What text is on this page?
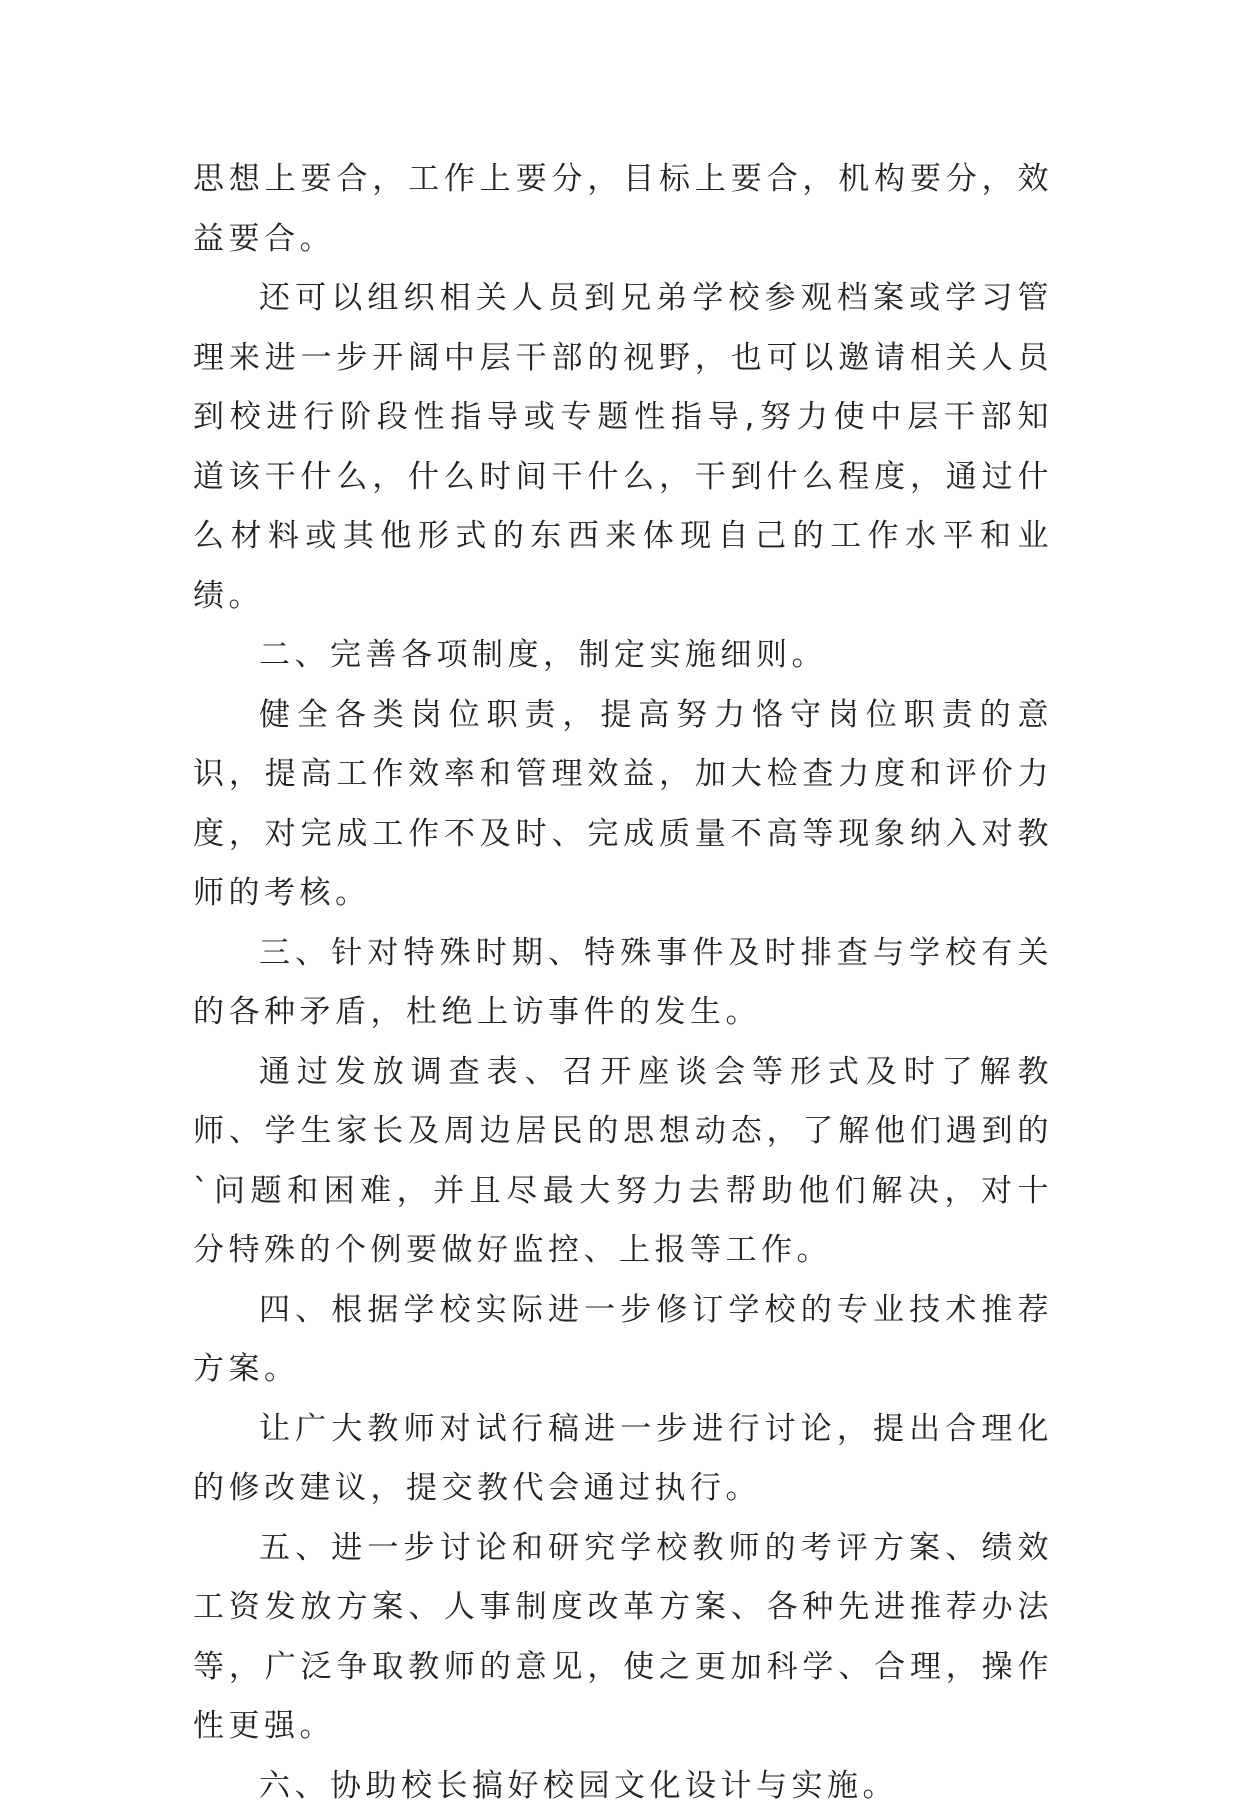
思想上要合，工作上要分，目标上要合，机构要分，效益要合。

还可以组织相关人员到兄弟学校参观档案或学习管理来进一步开阔中层干部的视野，也可以邀请相关人员到校进行阶段性指导或专题性指导,努力使中层干部知道该干什么，什么时间干什么，干到什么程度，通过什么材料或其他形式的东西来体现自己的工作水平和业绩。

二、完善各项制度，制定实施细则。

健全各类岗位职责，提高努力恪守岗位职责的意识，提高工作效率和管理效益，加大检查力度和评价力度，对完成工作不及时、完成质量不高等现象纳入对教师的考核。

三、针对特殊时期、特殊事件及时排查与学校有关的各种矛盾，杜绝上访事件的发生。

通过发放调查表、召开座谈会等形式及时了解教师、学生家长及周边居民的思想动态，了解他们遇到的`问题和困难，并且尽最大努力去帮助他们解决，对十分特殊的个例要做好监控、上报等工作。

四、根据学校实际进一步修订学校的专业技术推荐方案。

让广大教师对试行稿进一步进行讨论，提出合理化的修改建议，提交教代会通过执行。

五、进一步讨论和研究学校教师的考评方案、绩效工资发放方案、人事制度改革方案、各种先进推荐办法等，广泛争取教师的意见，使之更加科学、合理，操作性更强。

六、协助校长搞好校园文化设计与实施。
